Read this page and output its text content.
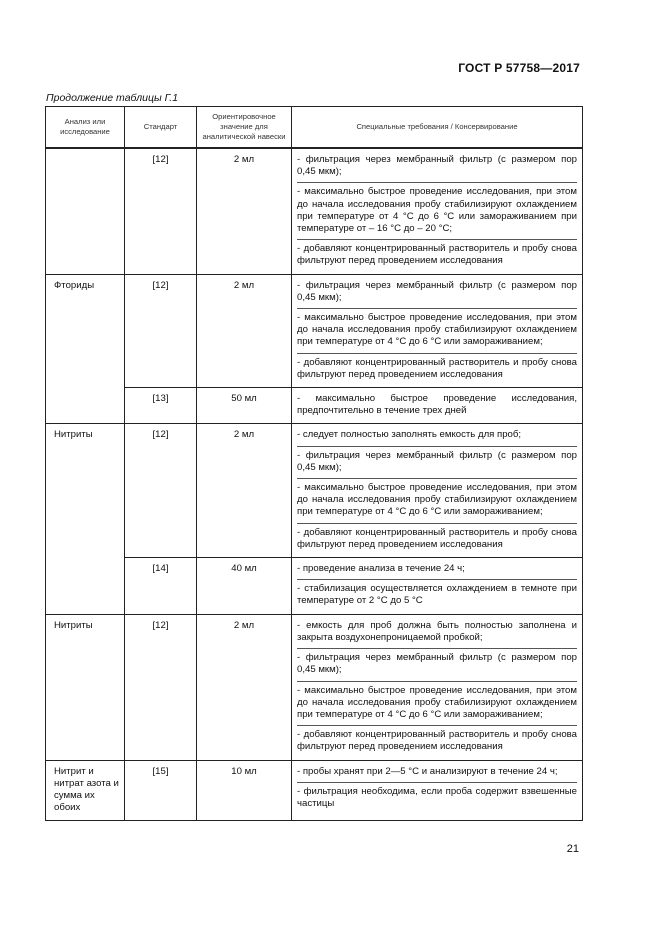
ГОСТ Р 57758—2017
Продолжение таблицы Г.1
Анализ или исследование	Стандарт	Ориентировочное значение для аналитической навески	Специальные требования / Консервирование
	[12]	2 мл	- фильтрация через мембранный фильтр (с размером пор 0,45 мкм);

- максимально быстрое проведение исследования, при этом до начала исследования пробу стабилизируют охлаждением при температуре от 4 °С до 6 °С или замораживанием при температуре от – 16 °С до – 20 °С;

- добавляют концентрированный растворитель и пробу снова фильтруют перед проведением исследования

Фториды	[12]	2 мл	- фильтрация через мембранный фильтр (с размером пор 0,45 мкм);

- максимально быстрое проведение исследования, при этом до начала исследования пробу стабилизируют охлаждением при температуре от 4 °С до 6 °С или замораживанием;

- добавляют концентрированный растворитель и пробу снова фильтруют перед проведением исследования

	[13]	50 мл	- максимально быстрое проведение исследования, предпочтительно в течение трех дней

Нитриты	[12]	2 мл	- следует полностью заполнять емкость для проб;

- фильтрация через мембранный фильтр (с размером пор 0,45 мкм);

- максимально быстрое проведение исследования, при этом до начала исследования пробу стабилизируют охлаждением при температуре от 4 °С до 6 °С или замораживанием;

- добавляют концентрированный растворитель и пробу снова фильтруют перед проведением исследования

	[14]	40 мл	- проведение анализа в течение 24 ч;

- стабилизация осуществляется охлаждением в темноте при температуре от 2 °С до 5 °С

Нитриты	[12]	2 мл	- емкость для проб должна быть полностью заполнена и закрыта воздухонепроницаемой пробкой;

- фильтрация через мембранный фильтр (с размером пор 0,45 мкм);

- максимально быстрое проведение исследования, при этом до начала исследования пробу стабилизируют охлаждением при температуре от 4 °С до 6 °С или замораживанием;

- добавляют концентрированный растворитель и пробу снова фильтруют перед проведением исследования

Нитрит и нитрат азота и сумма их обоих	[15]	10 мл	- пробы хранят при 2—5 °С и анализируют в течение 24 ч;

- фильтрация необходима, если проба содержит взвешенные частицы

21
